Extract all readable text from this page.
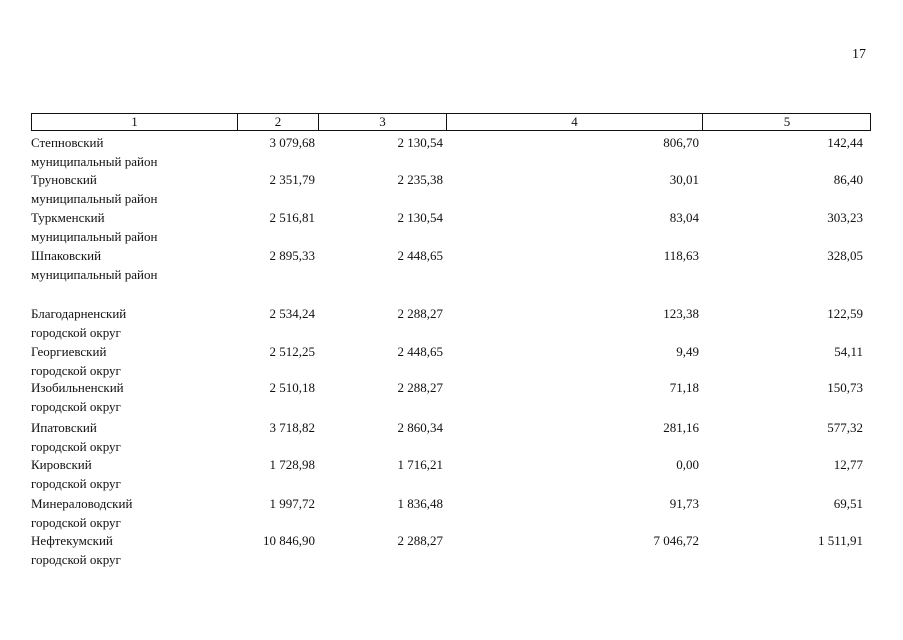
17
1	2	3	4	5
Степновский
муниципальный район
3 079,68	2 130,54	806,70	142,44
Труновский
муниципальный район
2 351,79	2 235,38	30,01	86,40
Туркменский
муниципальный район
2 516,81	2 130,54	83,04	303,23
Шпаковский
муниципальный район
2 895,33	2 448,65	118,63	328,05
Благодарненский
городской округ
2 534,24	2 288,27	123,38	122,59
Георгиевский
городской округ
2 512,25	2 448,65	9,49	54,11
Изобильненский
городской округ
2 510,18	2 288,27	71,18	150,73
Ипатовский
городской округ
3 718,82	2 860,34	281,16	577,32
Кировский
городской округ
1 728,98	1 716,21	0,00	12,77
Минераловодский
городской округ
1 997,72	1 836,48	91,73	69,51
Нефтекумский
городской округ
10 846,90	2 288,27	7 046,72	1 511,91
